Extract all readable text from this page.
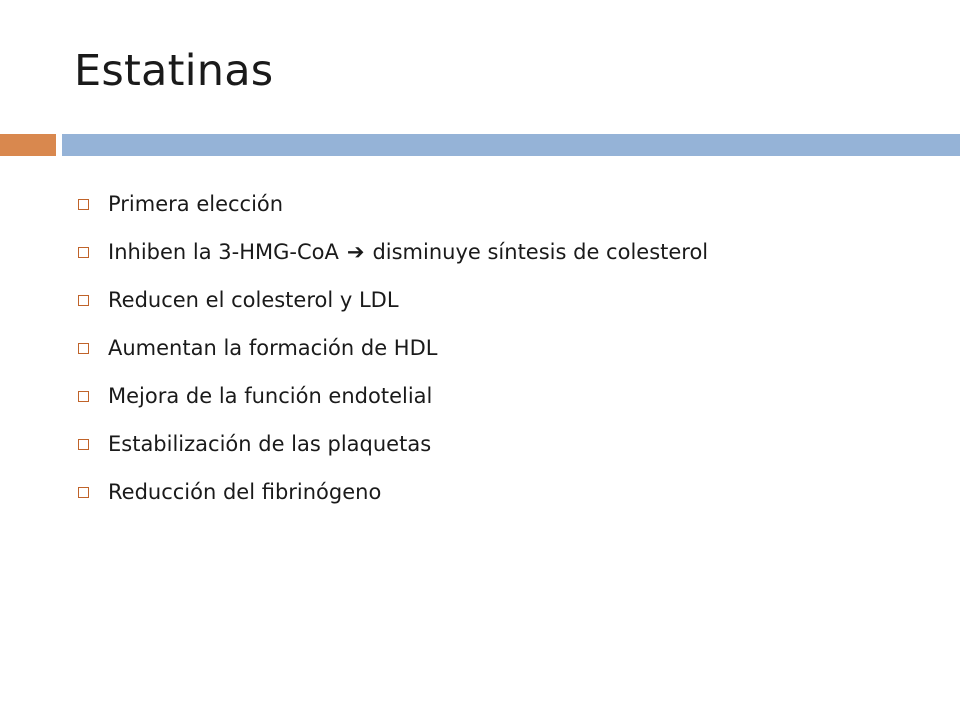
Estatinas
Primera elección
Inhiben la 3-HMG-CoA ➔ disminuye síntesis de colesterol
Reducen el colesterol y LDL
Aumentan la formación de HDL
Mejora de la función endotelial
Estabilización de las plaquetas
Reducción del fibrinógeno
